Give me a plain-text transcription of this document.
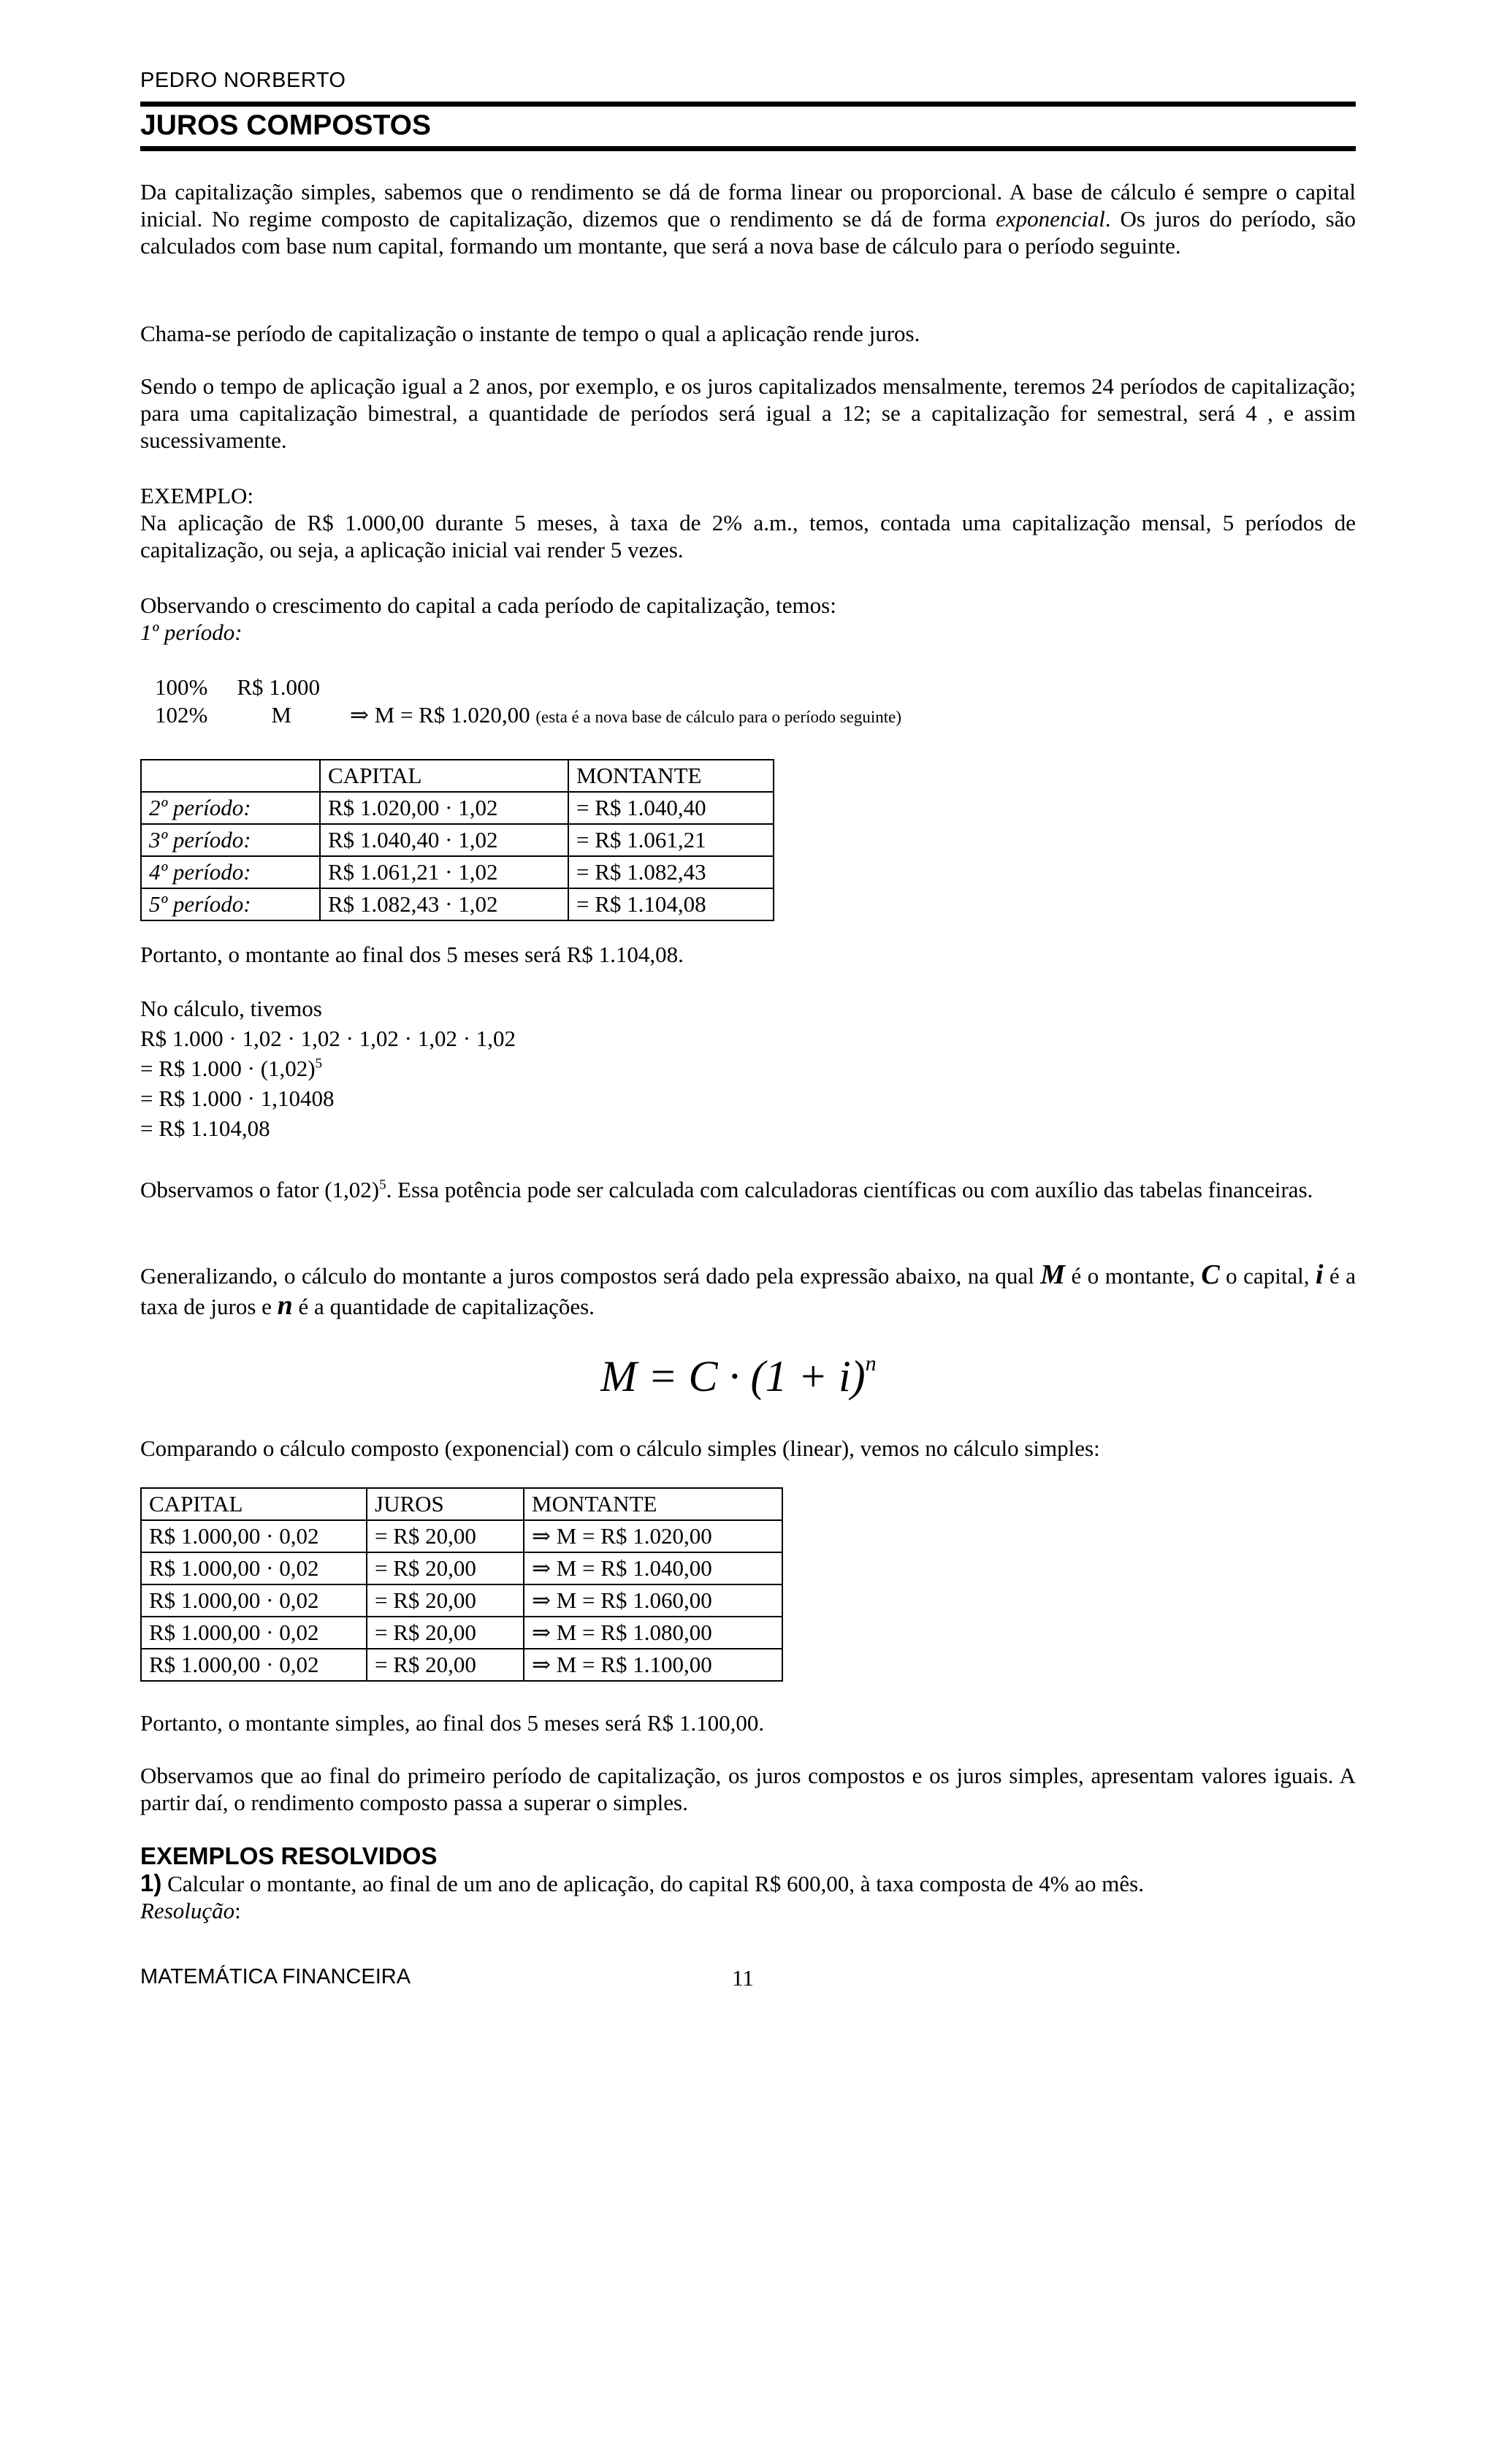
PEDRO NORBERTO
JUROS COMPOSTOS

Da capitalização simples, sabemos que o rendimento se dá de forma linear ou proporcional. A base de cálculo é sempre o capital inicial. No regime composto de capitalização, dizemos que o rendimento se dá de forma exponencial. Os juros do período, são calculados com base num capital, formando um montante, que será a nova base de cálculo para o período seguinte.

Chama-se período de capitalização o instante de tempo o qual a aplicação rende juros.
Sendo o tempo de aplicação igual a 2 anos, por exemplo, e os juros capitalizados mensalmente, teremos 24 períodos de capitalização; para uma capitalização bimestral, a quantidade de períodos será igual a 12; se a capitalização for semestral, será 4 , e assim sucessivamente.

EXEMPLO:

Na aplicação de R$ 1.000,00 durante 5 meses, à taxa de 2% a.m., temos, contada uma capitalização mensal, 5 períodos de capitalização, ou seja, a aplicação inicial vai render 5 vezes.

Observando o crescimento do capital a cada período de capitalização, temos:

1º período:

100% R$ 1.000
102%	M	⇒ M = R$ 1.020,00 (esta é a nova base de cálculo para o período seguinte)
	CAPITAL	MONTANTE
2º período:	R$ 1.020,00 · 1,02	= R$ 1.040,40
3º período:	R$ 1.040,40 · 1,02	= R$ 1.061,21
4º período:	R$ 1.061,21 · 1,02	= R$ 1.082,43
5º período:	R$ 1.082,43 · 1,02	= R$ 1.104,08
Portanto, o montante ao final dos 5 meses será R$ 1.104,08.

No cálculo, tivemos

R$ 1.000 · 1,02 · 1,02 · 1,02 · 1,02 · 1,02

= R$ $1.000 \cdot (1,02)^5$

= R$ 1.000 · 1,10408

= R$ 1.104,08

Observamos o fator $(1,02)^5$. Essa potência pode ser calculada com calculadoras científicas ou com auxílio das tabelas financeiras.

Generalizando, o cálculo do montante a juros compostos será dado pela expressão abaixo, na qual M é o montante, C o capital, i é a taxa de juros e n é a quantidade de capitalizações.

$M = C \cdot (1 + i)^n$
Comparando o cálculo composto (exponencial) com o cálculo simples (linear), vemos no cálculo simples:
CAPITAL	JUROS	MONTANTE
R$ 1.000,00 · 0,02	= R$ 20,00	⇒ M = R$ 1.020,00
R$ 1.000,00 · 0,02	= R$ 20,00	⇒ M = R$ 1.040,00
R$ 1.000,00 · 0,02	= R$ 20,00	⇒ M = R$ 1.060,00
R$ 1.000,00 · 0,02	= R$ 20,00	⇒ M = R$ 1.080,00
R$ 1.000,00 · 0,02	= R$ 20,00	⇒ M = R$ 1.100,00
Portanto, o montante simples, ao final dos 5 meses será R$ 1.100,00.
Observamos que ao final do primeiro período de capitalização, os juros compostos e os juros simples, apresentam valores iguais. A partir daí, o rendimento composto passa a superar o simples.

EXEMPLOS RESOLVIDOS

1) Calcular o montante, ao final de um ano de aplicação, do capital R$ 600,00, à taxa composta de 4% ao mês.

Resolução:

MATEMÁTICA FINANCEIRA	11
